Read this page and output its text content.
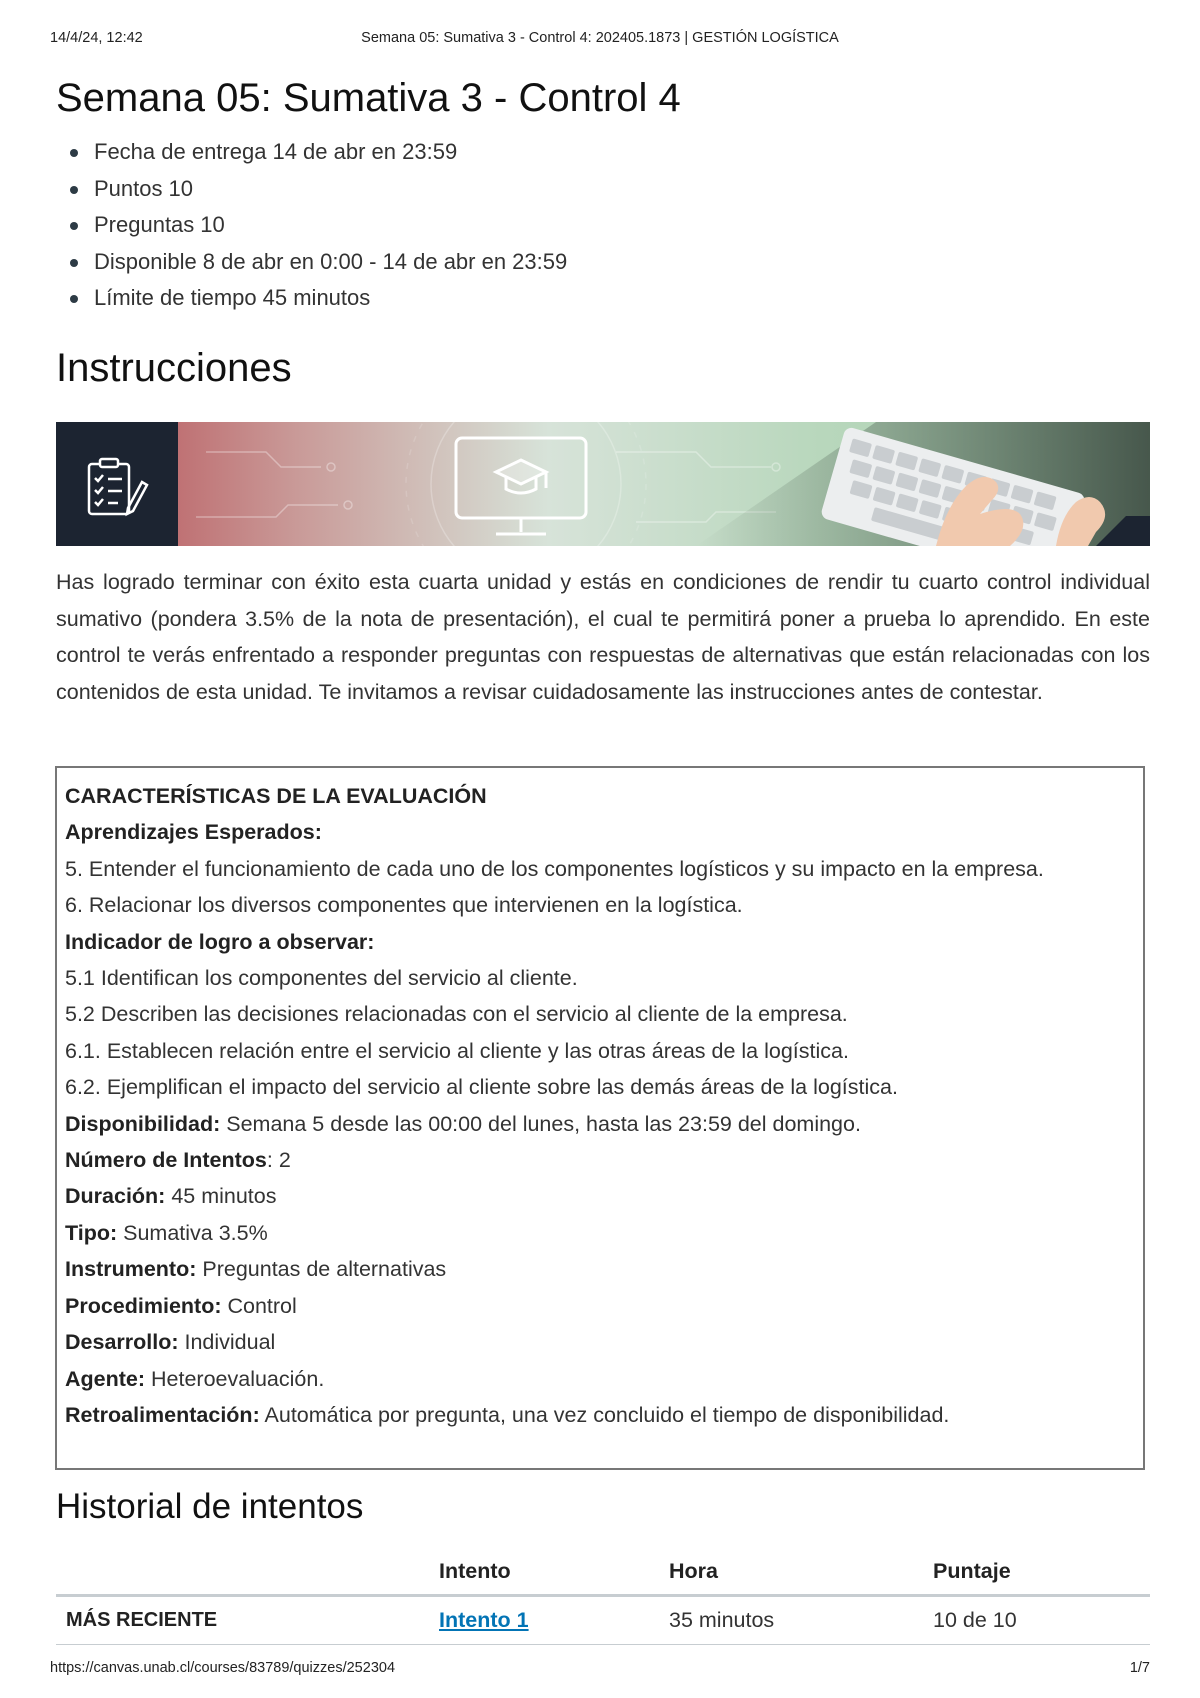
14/4/24, 12:42	Semana 05: Sumativa 3 - Control 4: 202405.1873 | GESTIÓN LOGÍSTICA
Semana 05: Sumativa 3 - Control 4
Fecha de entrega 14 de abr en 23:59
Puntos 10
Preguntas 10
Disponible 8 de abr en 0:00 - 14 de abr en 23:59
Límite de tiempo 45 minutos
Instrucciones
Has logrado terminar con éxito esta cuarta unidad y estás en condiciones de rendir tu cuarto control individual sumativo (pondera 3.5% de la nota de presentación), el cual te permitirá poner a prueba lo aprendido. En este control te verás enfrentado a responder preguntas con respuestas de alternativas que están relacionadas con los contenidos de esta unidad. Te invitamos a revisar cuidadosamente las instrucciones antes de contestar.

CARACTERÍSTICAS DE LA EVALUACIÓN

Aprendizajes Esperados:

5. Entender el funcionamiento de cada uno de los componentes logísticos y su impacto en la empresa.

6. Relacionar los diversos componentes que intervienen en la logística.

Indicador de logro a observar:

5.1 Identifican los componentes del servicio al cliente.

5.2 Describen las decisiones relacionadas con el servicio al cliente de la empresa.

6.1. Establecen relación entre el servicio al cliente y las otras áreas de la logística.

6.2. Ejemplifican el impacto del servicio al cliente sobre las demás áreas de la logística.

Disponibilidad: Semana 5 desde las 00:00 del lunes, hasta las 23:59 del domingo.

Número de Intentos: 2

Duración: 45 minutos

Tipo: Sumativa 3.5%

Instrumento: Preguntas de alternativas

Procedimiento: Control

Desarrollo: Individual

Agente: Heteroevaluación.

Retroalimentación: Automática por pregunta, una vez concluido el tiempo de disponibilidad.

Historial de intentos
	Intento	Hora	Puntaje
MÁS RECIENTE	Intento 1	35 minutos	10 de 10
https://canvas.unab.cl/courses/83789/quizzes/252304	1/7
